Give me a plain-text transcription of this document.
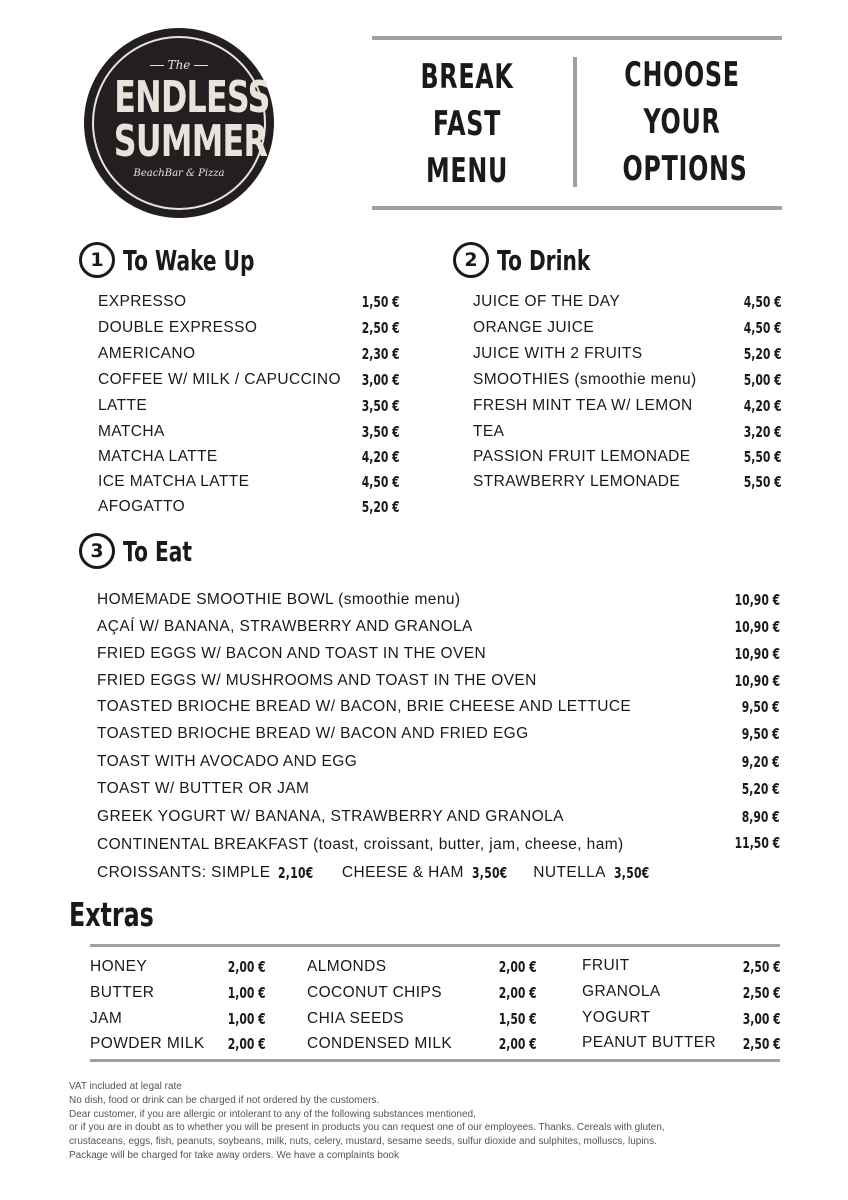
The
ENDLESS
SUMMER
BeachBar & Pizza
BREAK
FAST
MENU
CHOOSE
YOUR
OPTIONS
1 To Wake Up	2 To Drink
EXPRESSO	1,50 €
DOUBLE EXPRESSO	2,50 €
AMERICANO	2,30 €
COFFEE W/ MILK / CAPUCCINO 3,00 €
LATTE	3,50 €
MATCHA	3,50 €
MATCHA LATTE	4,20 €
ICE MATCHA LATTE	4,50 €
AFOGATTO	5,20 €
JUICE OF THE DAY	4,50 €
ORANGE JUICE	4,50 €
JUICE WITH 2 FRUITS	5,20 €
SMOOTHIES (smoothie menu)	5,00 €
FRESH MINT TEA W/ LEMON	4,20 €
TEA	3,20 €
PASSION FRUIT LEMONADE	5,50 €
STRAWBERRY LEMONADE	5,50 €
3 To Eat
HOMEMADE SMOOTHIE BOWL (smoothie menu)	10,90 €
AÇAÍ W/ BANANA, STRAWBERRY AND GRANOLA	10,90 €
FRIED EGGS W/ BACON AND TOAST IN THE OVEN	10,90 €
FRIED EGGS W/ MUSHROOMS AND TOAST IN THE OVEN	10,90 €
TOASTED BRIOCHE BREAD W/ BACON, BRIE CHEESE AND LETTUCE	9,50 €
TOASTED BRIOCHE BREAD W/ BACON AND FRIED EGG	9,50 €
TOAST WITH AVOCADO AND EGG	9,20 €
TOAST W/ BUTTER OR JAM	5,20 €
GREEK YOGURT W/ BANANA, STRAWBERRY AND GRANOLA	8,90 €
CONTINENTAL BREAKFAST (toast, croissant, butter, jam, cheese, ham)	11,50 €
CROISSANTS: SIMPLE 2,10€ CHEESE & HAM 3,50€ NUTELLA 3,50€
Extras
HONEY	2,00 €
BUTTER	1,00 €
JAM	1,00 €
POWDER MILK 2,00 €
ALMONDS	2,00 €
COCONUT CHIPS	2,00 €
CHIA SEEDS	1,50 €
CONDENSED MILK	2,00 €
FRUIT	2,50 €
GRANOLA	2,50 €
YOGURT	3,00 €
PEANUT BUTTER 2,50 €
VAT included at legal rate
No dish, food or drink can be charged if not ordered by the customers.
Dear customer, if you are allergic or intolerant to any of the following substances mentioned,
or if you are in doubt as to whether you will be present in products you can request one of our employees. Thanks. Cereals with gluten,
crustaceans, eggs, fish, peanuts, soybeans, milk, nuts, celery, mustard, sesame seeds, sulfur dioxide and sulphites, molluscs, lupins.
Package will be charged for take away orders. We have a complaints book
